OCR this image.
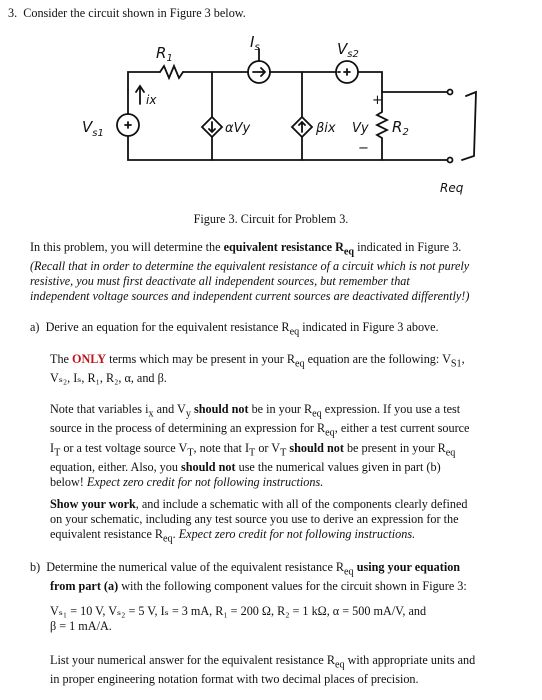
3. Consider the circuit shown in Figure 3 below.
$R_1$
$I_s$	$V_{s2}$
ix
$V_{s1}$	αVy	βix Vy
+
−
$R_2$
Req
Figure 3. Circuit for Problem 3.

In this problem, you will determine the equivalent resistance $R_{eq}$ indicated in Figure 3.

(Recall that in order to determine the equivalent resistance of a circuit which is not purely

resistive, you must first deactivate all independent sources, but remember that

independent voltage sources and independent current sources are deactivated differently!)

a) Derive an equation for the equivalent resistance $R_{eq}$ indicated in Figure 3 above.

The ONLY terms which may be present in your $R_{eq}$ equation are the following: $V_{S1}$,

Vₛ₂, Iₛ, R₁, R₂, α, and β.

Note that variables $i_x$ and $V_y$ should not be in your $R_{eq}$ expression. If you use a test

source in the process of determining an expression for $R_{eq}$, either a test current source

$I_T$ or a test voltage source $V_T$, note that $I_T$ or $V_T$ should not be present in your $R_{eq}$

equation, either. Also, you should not use the numerical values given in part (b)

below! Expect zero credit for not following instructions.

Show your work, and include a schematic with all of the components clearly defined

on your schematic, including any test source you use to derive an expression for the

equivalent resistance $R_{eq}$. Expect zero credit for not following instructions.

b) Determine the numerical value of the equivalent resistance $R_{eq}$ using your equation

from part (a) with the following component values for the circuit shown in Figure 3:

Vₛ₁ = 10 V, Vₛ₂ = 5 V, Iₛ = 3 mA, R₁ = 200 Ω, R₂ = 1 kΩ, α = 500 mA/V, and

β = 1 mA/A.

List your numerical answer for the equivalent resistance $R_{eq}$ with appropriate units and

in proper engineering notation format with two decimal places of precision.
